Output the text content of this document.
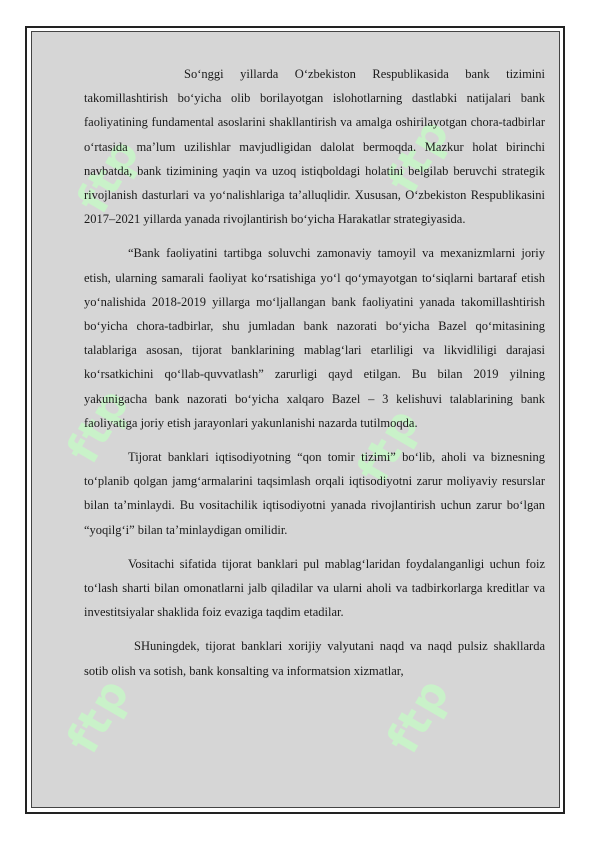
ftp	ftp
ftp	ftp
ftp	ftp

So‘nggi yillarda O‘zbekiston Respublikasida bank tizimini takomillashtirish bo‘yicha olib borilayotgan islohotlarning dastlabki natijalari bank faoliyatining fundamental asoslarini shakllantirish va amalga oshirilayotgan chora-tadbirlar o‘rtasida ma’lum uzilishlar mavjudligidan dalolat bermoqda. Mazkur holat birinchi navbatda, bank tizimining yaqin va uzoq istiqboldagi holatini belgilab beruvchi strategik rivojlanish dasturlari va yo‘nalishlariga ta’alluqlidir. Xususan, O‘zbekiston Respublikasini 2017–2021 yillarda yanada rivojlantirish bo‘yicha Harakatlar strategiyasida.

“Bank faoliyatini tartibga soluvchi zamonaviy tamoyil va mexanizmlarni joriy etish, ularning samarali faoliyat ko‘rsatishiga yo‘l qo‘ymayotgan to‘siqlarni bartaraf etish yo‘nalishida 2018-2019 yillarga mo‘ljallangan bank faoliyatini yanada takomillashtirish bo‘yicha chora-tadbirlar, shu jumladan bank nazorati bo‘yicha Bazel qo‘mitasining talablariga asosan, tijorat banklarining mablag‘lari etarliligi va likvidliligi darajasi ko‘rsatkichini qo‘llab-quvvatlash” zarurligi qayd etilgan. Bu bilan 2019 yilning yakunigacha bank nazorati bo‘yicha xalqaro Bazel – 3 kelishuvi talablarining bank faoliyatiga joriy etish jarayonlari yakunlanishi nazarda tutilmoqda.

Tijorat banklari iqtisodiyotning “qon tomir tizimi” bo‘lib, aholi va biznesning to‘planib qolgan jamg‘armalarini taqsimlash orqali iqtisodiyotni zarur moliyaviy resurslar bilan ta’minlaydi. Bu vositachilik iqtisodiyotni yanada rivojlantirish uchun zarur bo‘lgan “yoqilg‘i” bilan ta’minlaydigan omilidir.

Vositachi sifatida tijorat banklari pul mablag‘laridan foydalanganligi uchun foiz to‘lash sharti bilan omonatlarni jalb qiladilar va ularni aholi va tadbirkorlarga kreditlar va investitsiyalar shaklida foiz evaziga taqdim etadilar.

SHuningdek, tijorat banklari xorijiy valyutani naqd va naqd pulsiz shakllarda sotib olish va sotish, bank konsalting va informatsion xizmatlar,
